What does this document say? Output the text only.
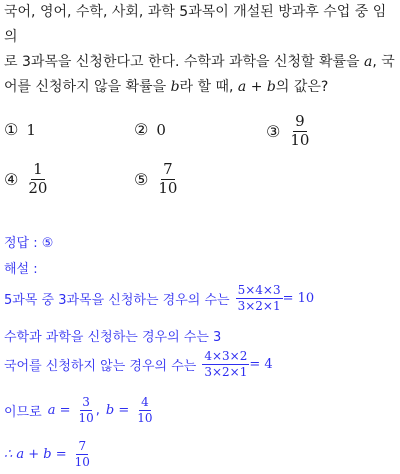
국어, 영어, 수학, 사회, 과학 5과목이 개설된 방과후 수업 중 임의
로 3과목을 신청한다고 한다. 수학과 과학을 신청할 확률을 a, 국
어를 신청하지 않을 확률을 b라 할 때, a + b의 값은?
① 1	② 0	③ $\frac{9}{10}$
④ $\frac{1}{20}$	⑤ $\frac{7}{10}$
정답 : ⑤
해설 :
5과목 중 3과목을 신청하는 경우의 수는 $\frac{5\times 4\times 3}{3\times 2\times 1} = 10$
수학과 과학을 신청하는 경우의 수는 3
국어를 신청하지 않는 경우의 수는 $\frac{4\times 3\times 2}{3\times 2\times 1} = 4$
이므로 $a = \frac{3}{10}$ , $b = \frac{4}{10}$
∴ $a + b = \frac{7}{10}$
